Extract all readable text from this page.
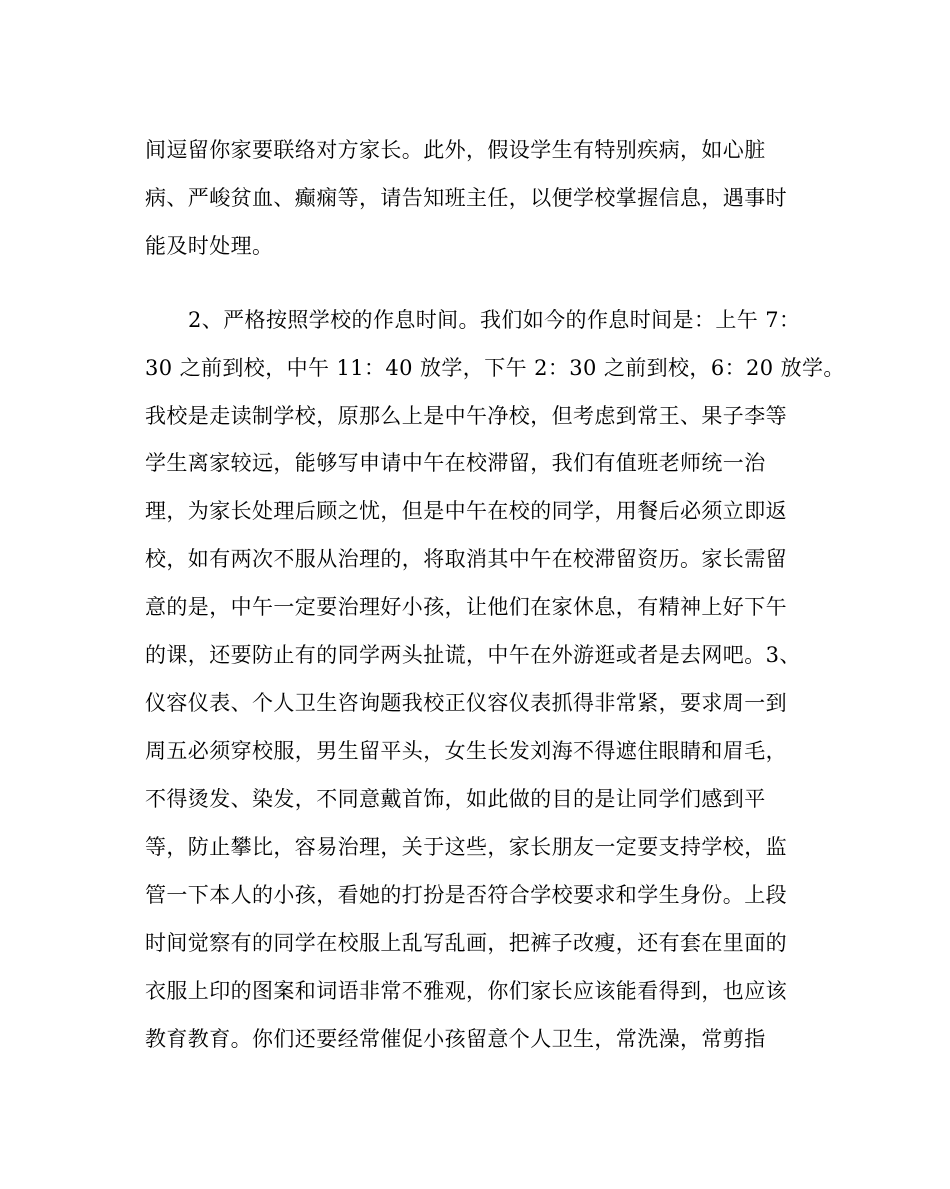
间逗留你家要联络对方家长。此外，假设学生有特别疾病，如心脏
病、严峻贫血、癫痫等，请告知班主任，以便学校掌握信息，遇事时
能及时处理。
2、严格按照学校的作息时间。我们如今的作息时间是：上午 7：
30 之前到校，中午 11：40 放学，下午 2：30 之前到校，6：20 放学。
我校是走读制学校，原那么上是中午净校，但考虑到常王、果子李等
学生离家较远，能够写申请中午在校滞留，我们有值班老师统一治
理，为家长处理后顾之忧，但是中午在校的同学，用餐后必须立即返
校，如有两次不服从治理的，将取消其中午在校滞留资历。家长需留
意的是，中午一定要治理好小孩，让他们在家休息，有精神上好下午
的课，还要防止有的同学两头扯谎，中午在外游逛或者是去网吧。3、
仪容仪表、个人卫生咨询题我校正仪容仪表抓得非常紧，要求周一到
周五必须穿校服，男生留平头，女生长发刘海不得遮住眼睛和眉毛，
不得烫发、染发，不同意戴首饰，如此做的目的是让同学们感到平
等，防止攀比，容易治理，关于这些，家长朋友一定要支持学校，监
管一下本人的小孩，看她的打扮是否符合学校要求和学生身份。上段
时间觉察有的同学在校服上乱写乱画，把裤子改瘦，还有套在里面的
衣服上印的图案和词语非常不雅观，你们家长应该能看得到，也应该
教育教育。你们还要经常催促小孩留意个人卫生，常洗澡，常剪指
